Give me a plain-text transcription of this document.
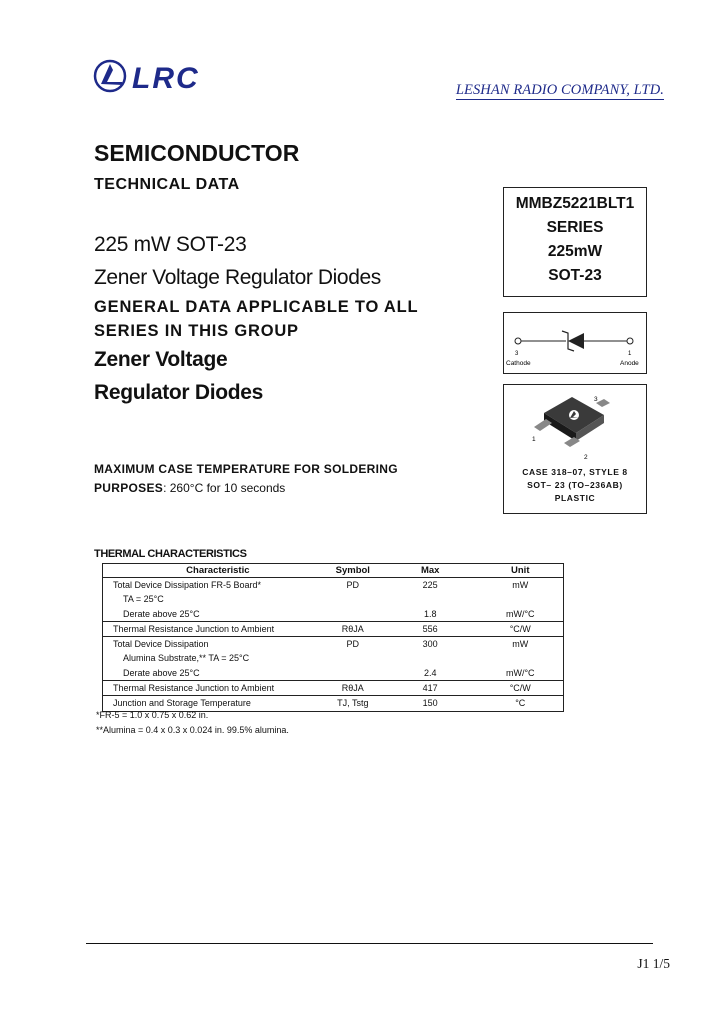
LRC	LESHAN RADIO COMPANY, LTD.
SEMICONDUCTOR
TECHNICAL DATA
225 mW SOT-23
Zener Voltage Regulator Diodes
GENERAL DATA APPLICABLE TO ALL
SERIES IN THIS GROUP
Zener Voltage
Regulator Diodes
MMBZ5221BLT1
SERIES
225mW
SOT-23
3
Cathode
1
Anode
1
2
3
CASE 318–07, STYLE 8
SOT– 23 (TO–236AB)
PLASTIC
MAXIMUM CASE TEMPERATURE FOR SOLDERING
PURPOSES: 260°C for 10 seconds
THERMAL CHARACTERISTICS
Characteristic	Symbol	Max	Unit
Total Device Dissipation FR-5 Board*	PD	225	mW
TA = 25°C			
Derate above 25°C		1.8	mW/°C
Thermal Resistance Junction to Ambient	RθJA	556	°C/W
Total Device Dissipation	PD	300	mW
Alumina Substrate,** TA = 25°C			
Derate above 25°C		2.4	mW/°C
Thermal Resistance Junction to Ambient	RθJA	417	°C/W
Junction and Storage Temperature	TJ, Tstg	150	°C
*FR-5 = 1.0 x 0.75 x 0.62 in.
**Alumina = 0.4 x 0.3 x 0.024 in. 99.5% alumina.
J1 1/5
